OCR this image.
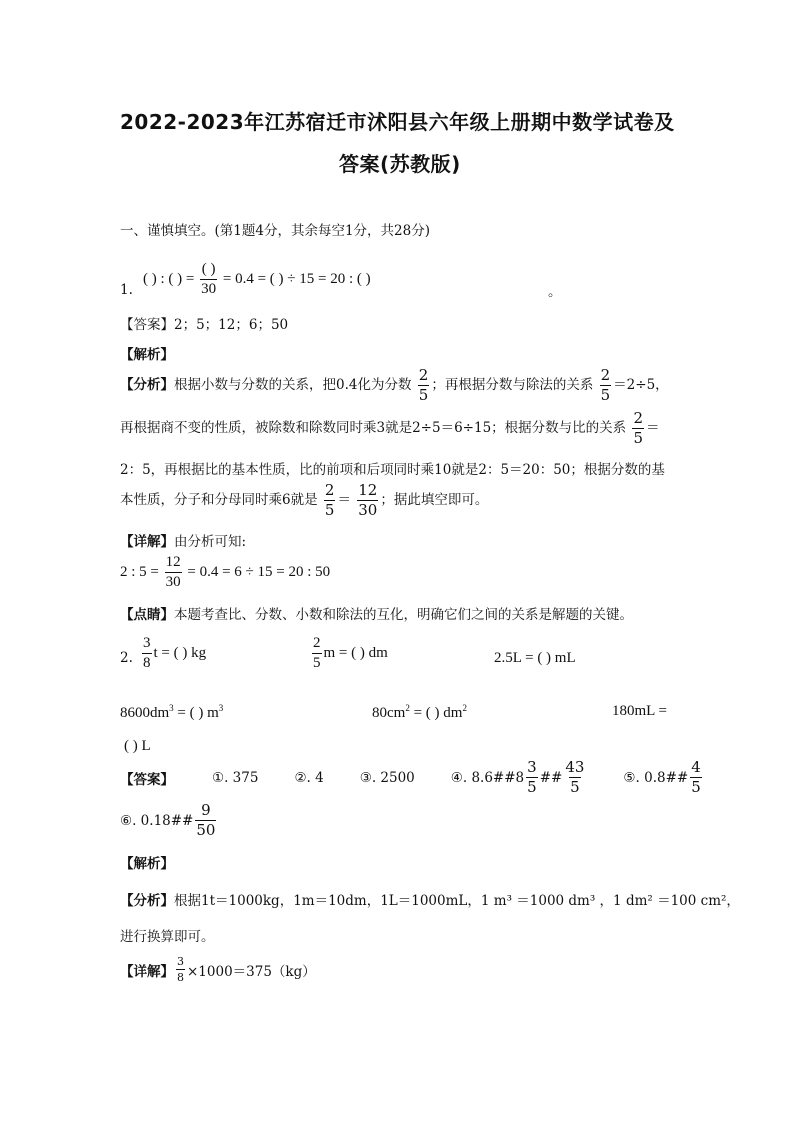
2022-2023年江苏宿迁市沭阳县六年级上册期中数学试卷及
答案(苏教版)
一、谨慎填空。(第1题4分，其余每空1分，共28分)
1.
( ) : ( ) = $\frac{( )}{30} = 0.4$ = ( ) ÷ 15 = 20 : ( )
。
【答案】2；5；12；6；50
【解析】
【分析】根据小数与分数的关系，把0.4化为分数 $\frac{2}{5}$ ；再根据分数与除法的关系 $\frac{2}{5} =2\div 5$，
再根据商不变的性质，被除数和除数同时乘3就是2÷5＝6÷15；根据分数与比的关系 $\frac{2}{5}$ ＝
2：5，再根据比的基本性质，比的前项和后项同时乘10就是2：5＝20：50；根据分数的基
本性质，分子和分母同时乘6就是 $\frac{2}{5} = \frac{12}{30}$ ；据此填空即可。
【详解】由分析可知:
2 : $5 = \frac{12}{30} = 0.4 = 6 \div 15 = 20$ : 50
【点睛】本题考查比、分数、小数和除法的互化，明确它们之间的关系是解题的关键。
2. $\frac{3}{8}$ t = ( ) kg	$\frac{2}{5}$ m = ( ) dm	2.5L = ( ) mL
$8600dm^3$ = ( ) $m^3$	$80cm^2$ = ( ) $dm^2$	180mL =
( ) L
【答案】	①. 375	②. 4	③. 2500	④. 8.6##8 $\frac{3}{5}$ ## $\frac{43}{5}$	⑤. 0.8## $\frac{4}{5}$
⑥. 0.18## $\frac{9}{50}$
【解析】
【分析】根据1t＝1000kg，1m＝10dm，1L＝1000mL，1 m³ ＝1000 dm³ ，1 dm² ＝100 cm²，
进行换算即可。
【详解】 $\frac{3}{8} \times 1000=375(kg)$
